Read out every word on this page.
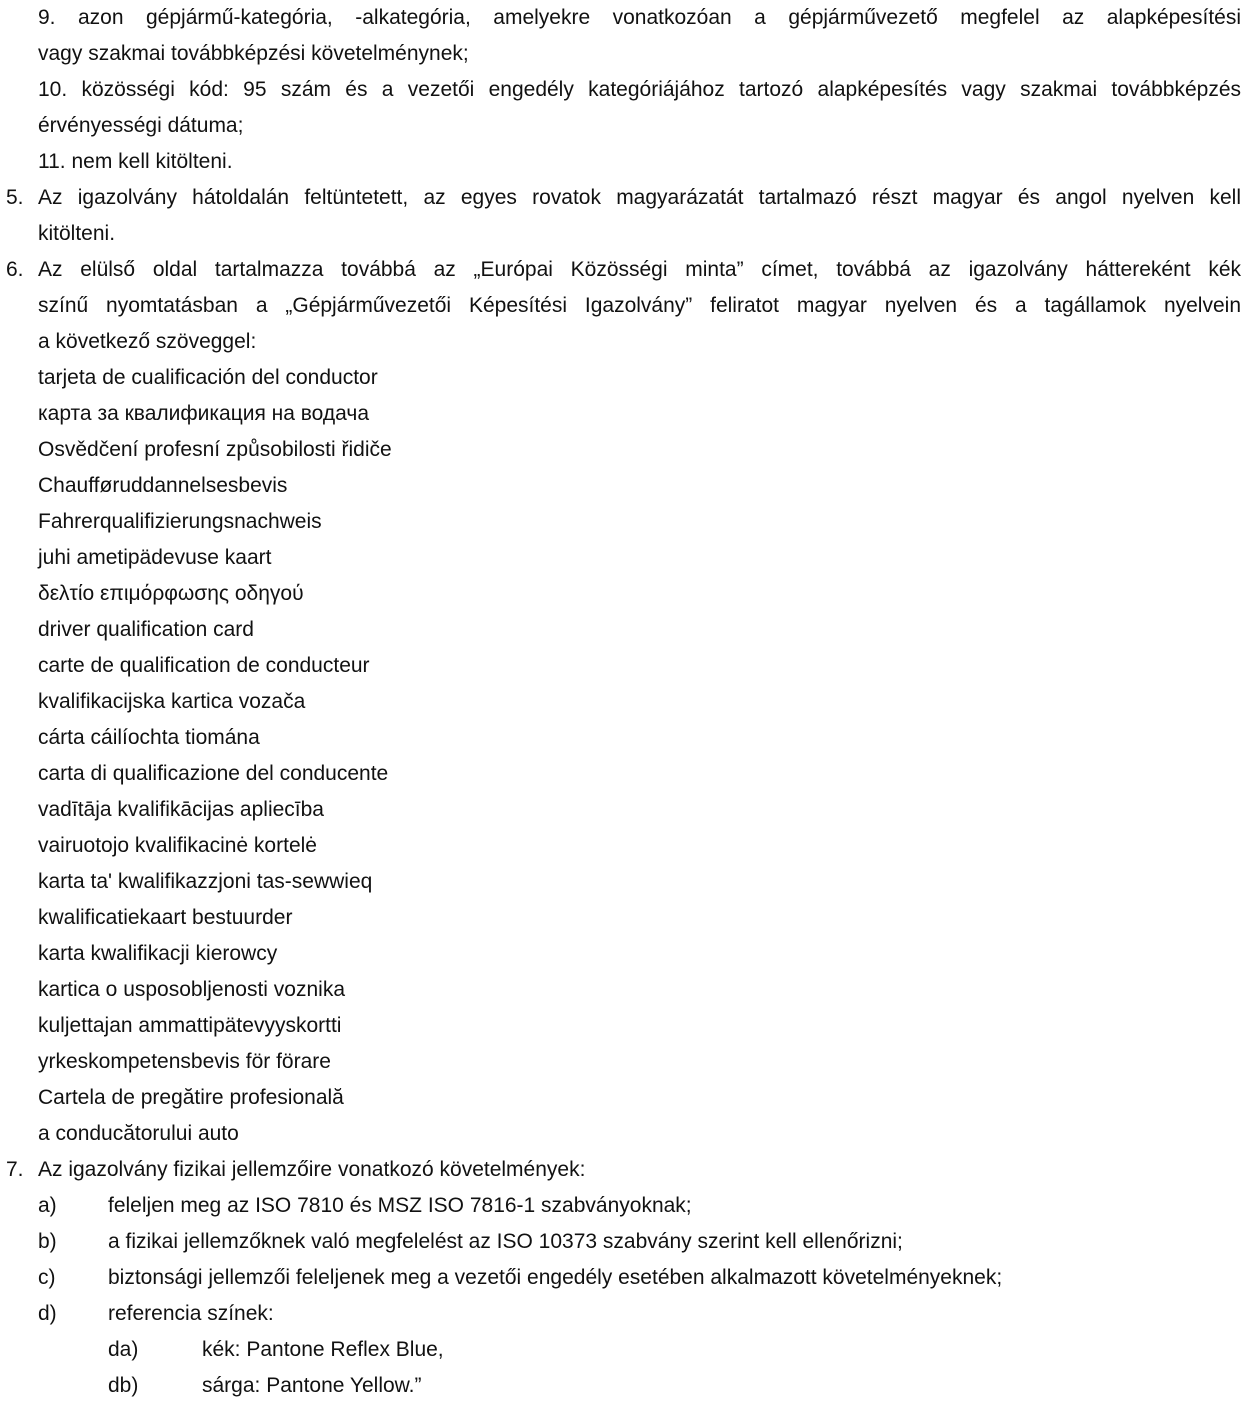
9. azon gépjármű-kategória, -alkategória, amelyekre vonatkozóan a gépjárművezető megfelel az alapképesítési
vagy szakmai továbbképzési követelménynek;
10. közösségi kód: 95 szám és a vezetői engedély kategóriájához tartozó alapképesítés vagy szakmai továbbképzés
érvényességi dátuma;
11. nem kell kitölteni.
5. Az igazolvány hátoldalán feltüntetett, az egyes rovatok magyarázatát tartalmazó részt magyar és angol nyelven kell
kitölteni.
6. Az elülső oldal tartalmazza továbbá az „Európai Közösségi minta” címet, továbbá az igazolvány háttereként kék
színű nyomtatásban a „Gépjárművezetői Képesítési Igazolvány” feliratot magyar nyelven és a tagállamok nyelvein
a következő szöveggel:
tarjeta de cualificación del conductor
карта за квалификация на водача
Osvědčení profesní způsobilosti řidiče
Chaufføruddannelsesbevis
Fahrerqualifizierungsnachweis
juhi ametipädevuse kaart
δελτίο επιμόρφωσης οδηγού
driver qualification card
carte de qualification de conducteur
kvalifikacijska kartica vozača
cárta cáilíochta tiomána
carta di qualificazione del conducente
vadītāja kvalifikācijas apliecība
vairuotojo kvalifikacinė kortelė
karta ta' kwalifikazzjoni tas-sewwieq
kwalificatiekaart bestuurder
karta kwalifikacji kierowcy
kartica o usposobljenosti voznika
kuljettajan ammattipätevyyskortti
yrkeskompetensbevis för förare
Cartela de pregătire profesională
a conducătorului auto
7. Az igazolvány fizikai jellemzőire vonatkozó követelmények:
a) feleljen meg az ISO 7810 és MSZ ISO 7816-1 szabványoknak;
b) a fizikai jellemzőknek való megfelelést az ISO 10373 szabvány szerint kell ellenőrizni;
c)	biztonsági jellemzői feleljenek meg a vezetői engedély esetében alkalmazott követelményeknek;
d) referencia színek:
da)	kék: Pantone Reflex Blue,
db)	sárga: Pantone Yellow.”
